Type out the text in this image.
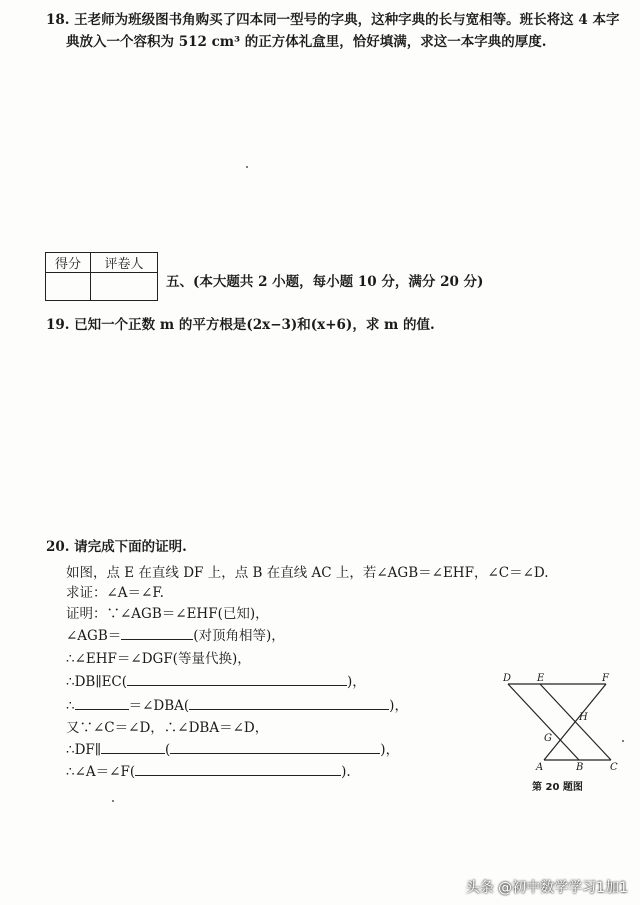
18. 王老师为班级图书角购买了四本同一型号的字典，这种字典的长与宽相等。班长将这 4 本字
典放入一个容积为 512 cm³ 的正方体礼盒里，恰好填满，求这一本字典的厚度.
得分	评卷人

五、(本大题共 2 小题，每小题 10 分，满分 20 分)
19. 已知一个正数 m 的平方根是(2x−3)和(x+6)，求 m 的值.
20. 请完成下面的证明.
如图，点 E 在直线 DF 上，点 B 在直线 AC 上，若∠AGB＝∠EHF，∠C＝∠D.
求证：∠A＝∠F.
证明：∵∠AGB＝∠EHF(已知)，
∠AGB＝	(对顶角相等)，
∴∠EHF＝∠DGF(等量代换)，
∴DB∥EC(	)，
∴	＝∠DBA(	)，
又∵∠C＝∠D，∴∠DBA＝∠D，
∴DF∥	(	)，
∴∠A＝∠F(	).
D	E	F
H
G
A	B	C
第 20 题图
头条 @初中数学学习1加1
